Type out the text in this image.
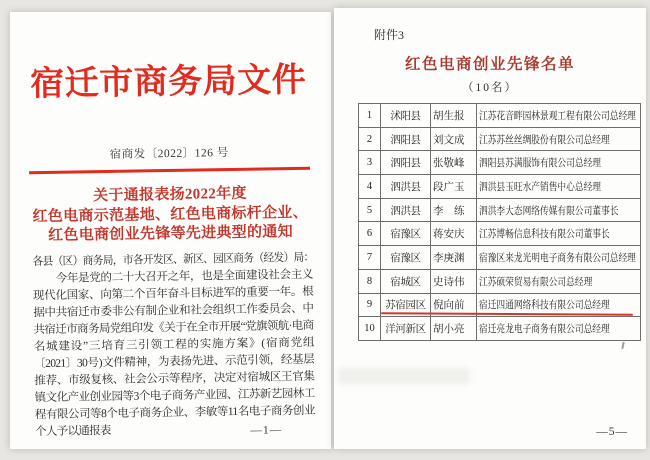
宿迁市商务局文件
宿商发〔2022〕126 号
关于通报表扬2022年度
红色电商示范基地、红色电商标杆企业、
红色电商创业先锋等先进典型的通知
各县（区）商务局，市各开发区、新区、园区商务（经发）局：
今年是党的二十大召开之年，也是全面建设社会主义现代化国家、向第二个百年奋斗目标进军的重要一年。根据中共宿迁市委非公有制企业和社会组织工作委员会、中共宿迁市商务局党组印发《关于在全市开展“党旗领航·电商名城建设”三培育三引领工程的实施方案》(宿商党组〔2021〕30号)文件精神，为表扬先进、示范引领，经基层推荐、市级复核、社会公示等程序，决定对宿城区王官集镇文化产业创业园等3个电子商务产业园、江苏新艺园林工程有限公司等8个电子商务企业、李敏等11名电子商务创业个人予以通报表	—1—
附件3
红色电商创业先锋名单
（10名）
1	沭阳县	胡生报	江苏花音畔园林景观工程有限公司总经理
2	泗阳县	刘文成	江苏苏丝丝绸股份有限公司总经理
3	泗阳县	张敬峰	泗阳县苏满服饰有限公司总经理
4	泗洪县	段广玉	泗洪县玉旺水产销售中心总经理
5	泗洪县	李　练	泗洪李大态网络传媒有限公司董事长
6	宿豫区	蒋安庆	江苏博畅信息科技有限公司董事长
7	宿豫区	李庚渊	宿豫区来龙光明电子商务有限公司总经理
8	宿城区	史诗伟	江苏硕荣贸易有限公司总经理
9	苏宿园区	倪向前	宿迁四通网络科技有限公司总经理
10	洋河新区	胡小亮	宿迁亮龙电子商务有限公司总经理
—5—
